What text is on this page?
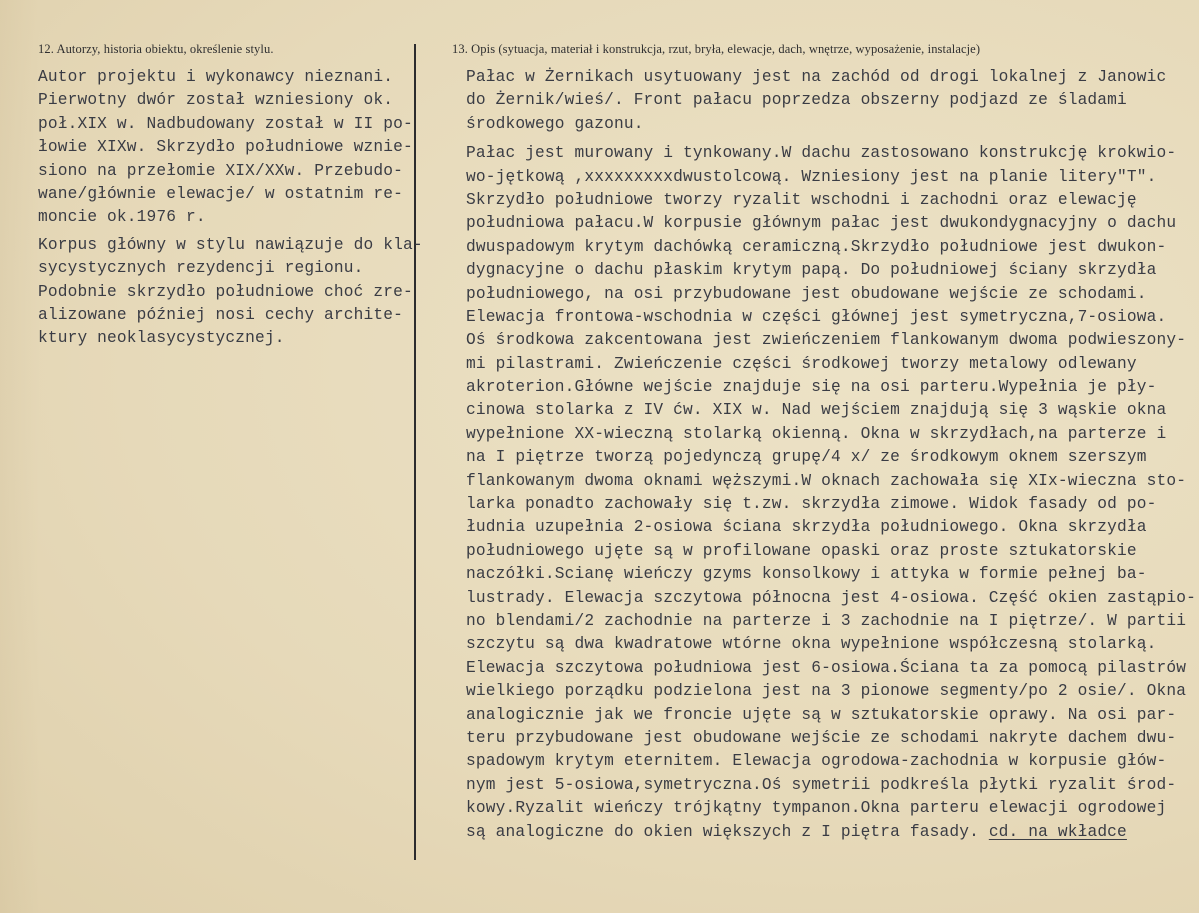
12. Autorzy, historia obiektu, określenie stylu.	13. Opis (sytuacja, materiał i konstrukcja, rzut, bryła, elewacje, dach, wnętrze, wyposażenie, instalacje)
Autor projektu i wykonawcy nieznani.
Pierwotny dwór został wzniesiony ok.
poł.XIX w. Nadbudowany został w II po-
łowie XIXw. Skrzydło południowe wznie-
siono na przełomie XIX/XXw. Przebudo-
wane/głównie elewacje/ w ostatnim re-
moncie ok.1976 r.
Korpus główny w stylu nawiązuje do kla-
sycystycznych rezydencji regionu.
Podobnie skrzydło południowe choć zre-
alizowane później nosi cechy archite-
ktury neoklasycystycznej.
Pałac w Żernikach usytuowany jest na zachód od drogi lokalnej z Janowic
do Żernik/wieś/. Front pałacu poprzedza obszerny podjazd ze śladami
środkowego gazonu.
Pałac jest murowany i tynkowany.W dachu zastosowano konstrukcję krokwio-
wo-jętkową ,xxxxxxxxxdwustolcową. Wzniesiony jest na planie litery"T".
Skrzydło południowe tworzy ryzalit wschodni i zachodni oraz elewację
południowa pałacu.W korpusie głównym pałac jest dwukondygnacyjny o dachu
dwuspadowym krytym dachówką ceramiczną.Skrzydło południowe jest dwukon-
dygnacyjne o dachu płaskim krytym papą. Do południowej ściany skrzydła
południowego, na osi przybudowane jest obudowane wejście ze schodami.
Elewacja frontowa-wschodnia w części głównej jest symetryczna,7-osiowa.
Oś środkowa zakcentowana jest zwieńczeniem flankowanym dwoma podwieszony-
mi pilastrami. Zwieńczenie części środkowej tworzy metalowy odlewany
akroterion.Główne wejście znajduje się na osi parteru.Wypełnia je pły-
cinowa stolarka z IV ćw. XIX w. Nad wejściem znajdują się 3 wąskie okna
wypełnione XX-wieczną stolarką okienną. Okna w skrzydłach,na parterze i
na I piętrze tworzą pojedynczą grupę/4 x/ ze środkowym oknem szerszym
flankowanym dwoma oknami węższymi.W oknach zachowała się XIx-wieczna sto-
larka ponadto zachowały się t.zw. skrzydła zimowe. Widok fasady od po-
łudnia uzupełnia 2-osiowa ściana skrzydła południowego. Okna skrzydła
południowego ujęte są w profilowane opaski oraz proste sztukatorskie
naczółki.Scianę wieńczy gzyms konsolkowy i attyka w formie pełnej ba-
lustrady. Elewacja szczytowa północna jest 4-osiowa. Część okien zastąpio-
no blendami/2 zachodnie na parterze i 3 zachodnie na I piętrze/. W partii
szczytu są dwa kwadratowe wtórne okna wypełnione współczesną stolarką.
Elewacja szczytowa południowa jest 6-osiowa.Ściana ta za pomocą pilastrów
wielkiego porządku podzielona jest na 3 pionowe segmenty/po 2 osie/. Okna
analogicznie jak we froncie ujęte są w sztukatorskie oprawy. Na osi par-
teru przybudowane jest obudowane wejście ze schodami nakryte dachem dwu-
spadowym krytym eternitem. Elewacja ogrodowa-zachodnia w korpusie głów-
nym jest 5-osiowa,symetryczna.Oś symetrii podkreśla płytki ryzalit środ-
kowy.Ryzalit wieńczy trójkątny tympanon.Okna parteru elewacji ogrodowej
są analogiczne do okien większych z I piętra fasady. cd. na wkładce
